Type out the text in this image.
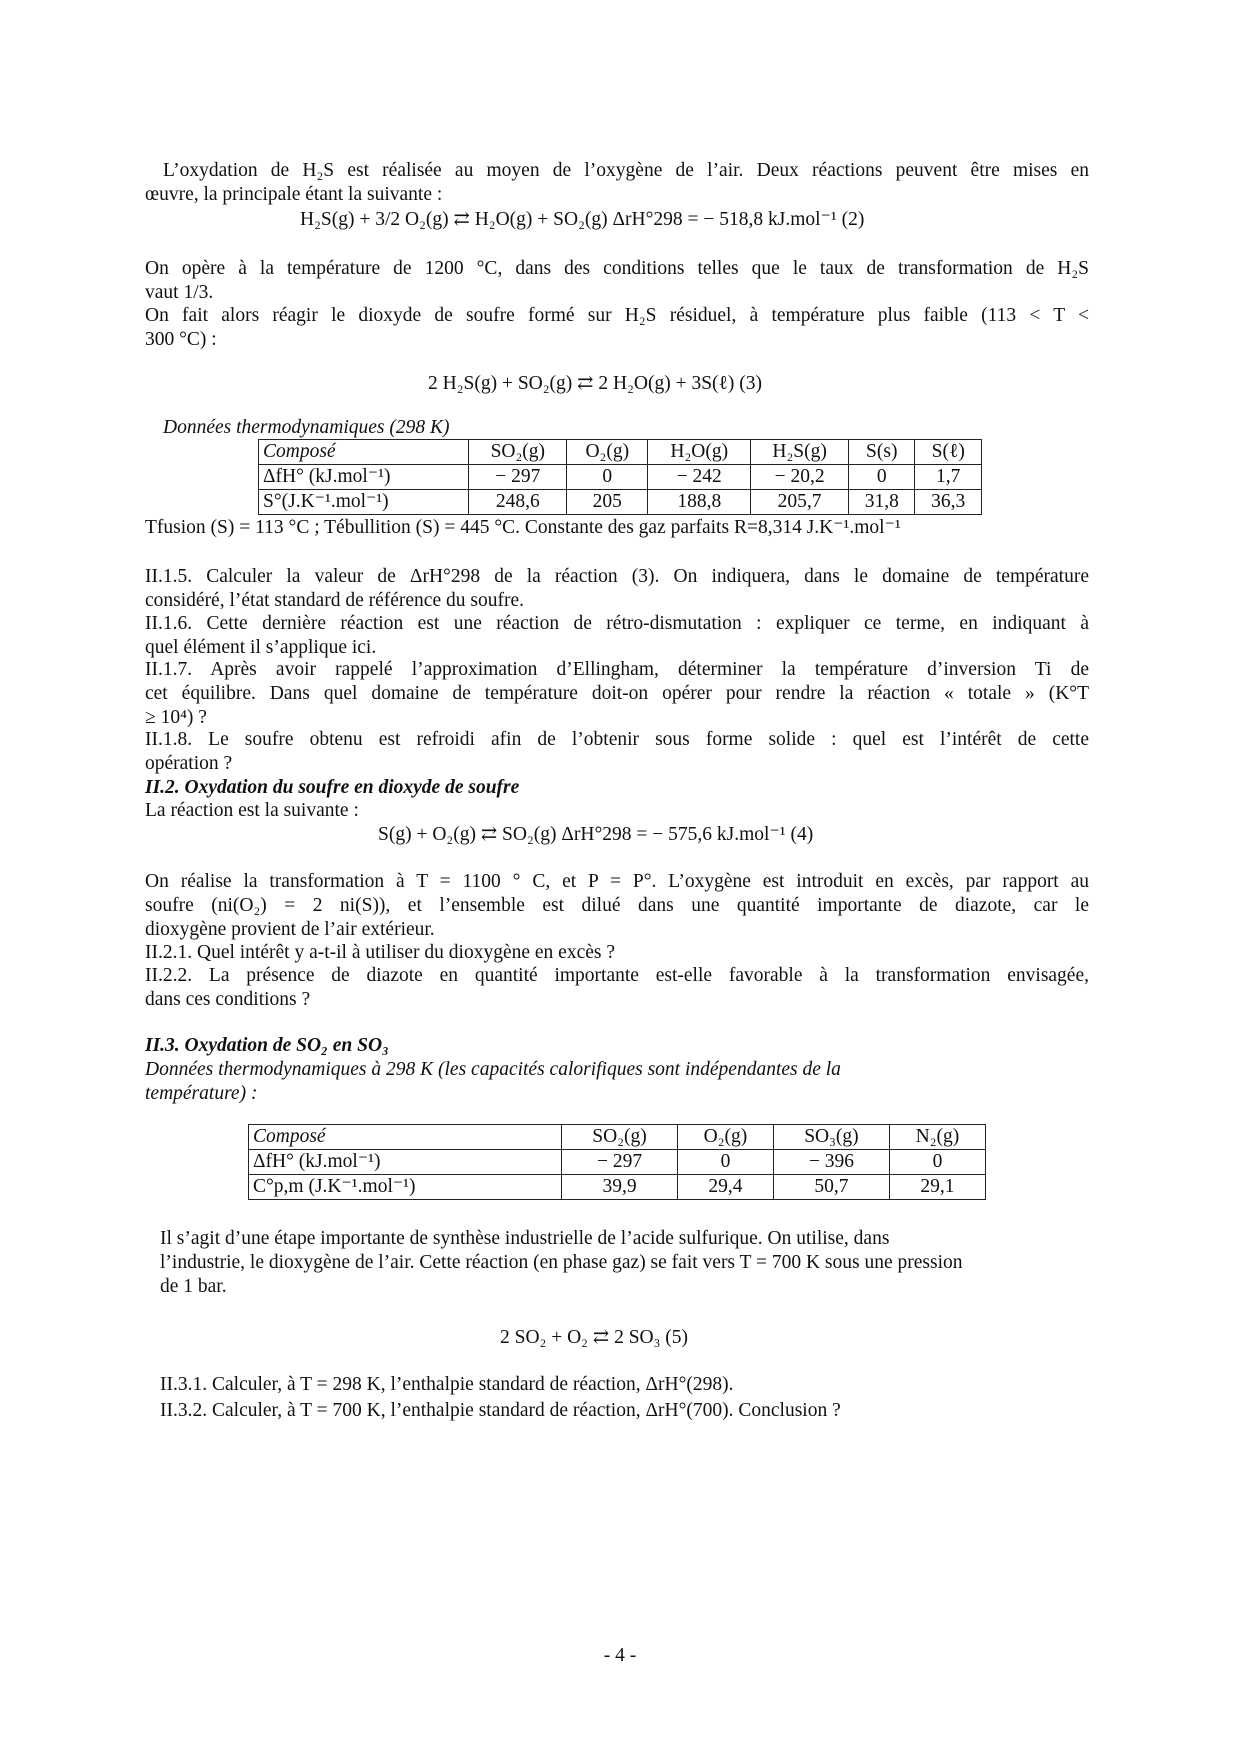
L’oxydation de H₂S est réalisée au moyen de l’oxygène de l’air. Deux réactions peuvent être mises en
œuvre, la principale étant la suivante :
H₂S(g) + 3/2 O₂(g) ⇄ H₂O(g) + SO₂(g) ΔrH°298 = − 518,8 kJ.mol⁻¹ (2)
On opère à la température de 1200 °C, dans des conditions telles que le taux de transformation de H₂S
vaut 1/3.
On fait alors réagir le dioxyde de soufre formé sur H₂S résiduel, à température plus faible (113 < T <
300 °C) :
2 H₂S(g) + SO₂(g) ⇄ 2 H₂O(g) + 3S(ℓ) (3)
Données thermodynamiques (298 K)
Composé	SO₂(g)	O₂(g)	H₂O(g)	H₂S(g)	S(s)	S(ℓ)
ΔfH° (kJ.mol⁻¹)	− 297	0	− 242	− 20,2	0	1,7
S°(J.K⁻¹.mol⁻¹)	248,6	205	188,8	205,7	31,8	36,3
Tfusion (S) = 113 °C ; Tébullition (S) = 445 °C. Constante des gaz parfaits R=8,314 J.K⁻¹.mol⁻¹
II.1.5. Calculer la valeur de ΔrH°298 de la réaction (3). On indiquera, dans le domaine de température
considéré, l’état standard de référence du soufre.
II.1.6. Cette dernière réaction est une réaction de rétro-dismutation : expliquer ce terme, en indiquant à
quel élément il s’applique ici.
II.1.7. Après avoir rappelé l’approximation d’Ellingham, déterminer la température d’inversion Ti de
cet équilibre. Dans quel domaine de température doit-on opérer pour rendre la réaction « totale » (K°T
≥ 10⁴) ?
II.1.8. Le soufre obtenu est refroidi afin de l’obtenir sous forme solide : quel est l’intérêt de cette
opération ?
II.2. Oxydation du soufre en dioxyde de soufre
La réaction est la suivante :
S(g) + O₂(g) ⇄ SO₂(g) ΔrH°298 = − 575,6 kJ.mol⁻¹ (4)
On réalise la transformation à T = 1100 ° C, et P = P°. L’oxygène est introduit en excès, par rapport au
soufre (ni(O₂) = 2 ni(S)), et l’ensemble est dilué dans une quantité importante de diazote, car le
dioxygène provient de l’air extérieur.
II.2.1. Quel intérêt y a-t-il à utiliser du dioxygène en excès ?
II.2.2. La présence de diazote en quantité importante est-elle favorable à la transformation envisagée,
dans ces conditions ?
II.3. Oxydation de SO₂ en SO₃
Données thermodynamiques à 298 K (les capacités calorifiques sont indépendantes de la
température) :
Composé	SO₂(g)	O₂(g)	SO₃(g)	N₂(g)
ΔfH° (kJ.mol⁻¹)	− 297	0	− 396	0
C°p,m (J.K⁻¹.mol⁻¹)	39,9	29,4	50,7	29,1
Il s’agit d’une étape importante de synthèse industrielle de l’acide sulfurique. On utilise, dans
l’industrie, le dioxygène de l’air. Cette réaction (en phase gaz) se fait vers T = 700 K sous une pression
de 1 bar.
2 SO₂ + O₂ ⇄ 2 SO₃ (5)
II.3.1. Calculer, à T = 298 K, l’enthalpie standard de réaction, ΔrH°(298).
II.3.2. Calculer, à T = 700 K, l’enthalpie standard de réaction, ΔrH°(700). Conclusion ?
- 4 -
